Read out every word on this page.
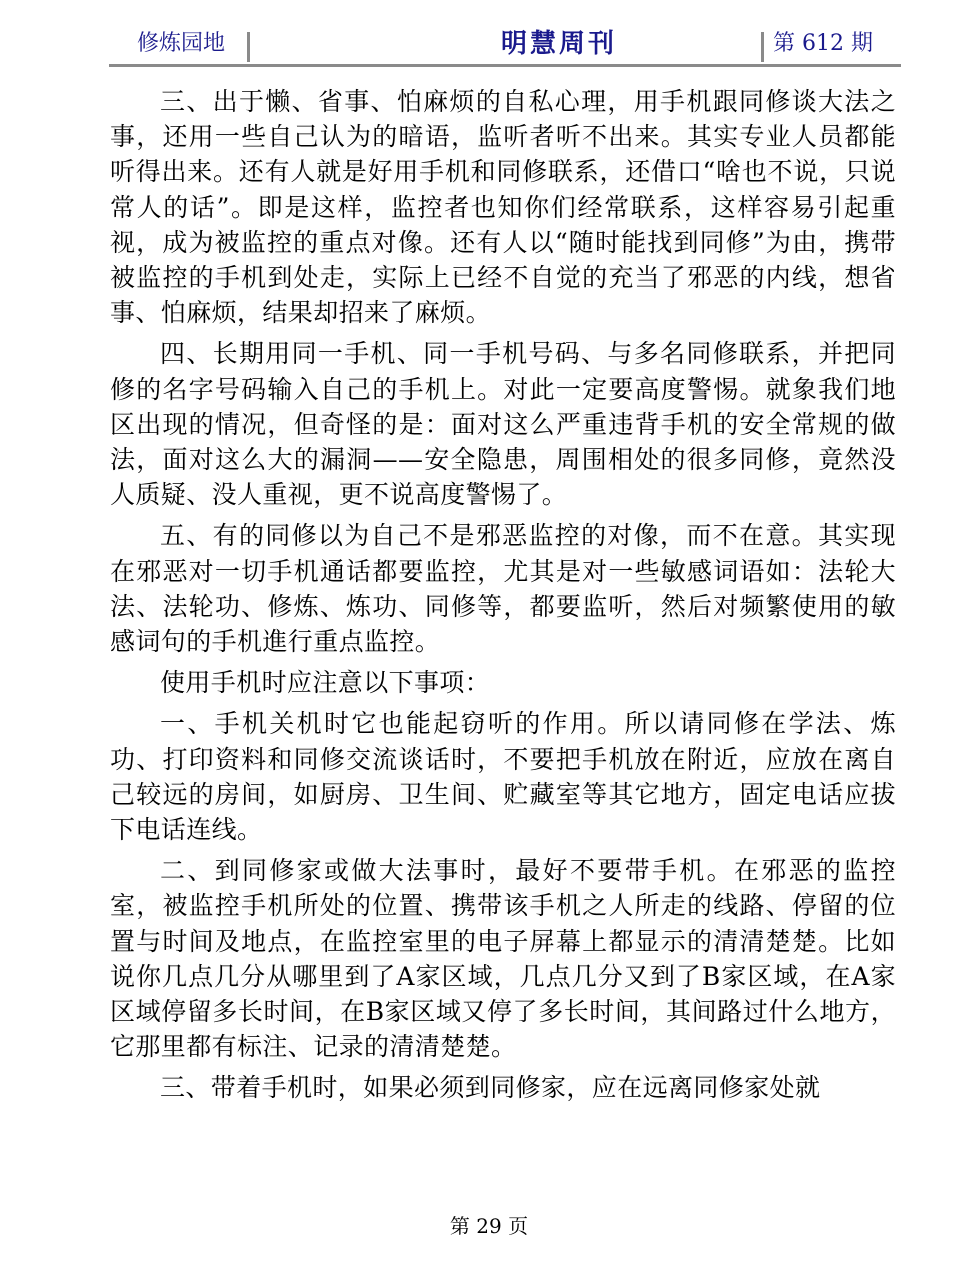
修炼园地	明慧周刊	第 612 期

三、出于懒、省事、怕麻烦的自私心理，用手机跟同修谈大法之事，还用一些自己认为的暗语，监听者听不出来。其实专业人员都能听得出来。还有人就是好用手机和同修联系，还借口“啥也不说，只说常人的话”。即是这样，监控者也知你们经常联系，这样容易引起重视，成为被监控的重点对像。还有人以“随时能找到同修”为由，携带被监控的手机到处走，实际上已经不自觉的充当了邪恶的内线，想省事、怕麻烦，结果却招来了麻烦。

四、长期用同一手机、同一手机号码、与多名同修联系，并把同修的名字号码输入自己的手机上。对此一定要高度警惕。就象我们地区出现的情况，但奇怪的是：面对这么严重违背手机的安全常规的做法，面对这么大的漏洞——安全隐患，周围相处的很多同修，竟然没人质疑、没人重视，更不说高度警惕了。

五、有的同修以为自己不是邪恶监控的对像，而不在意。其实现在邪恶对一切手机通话都要监控，尤其是对一些敏感词语如：法轮大法、法轮功、修炼、炼功、同修等，都要监听，然后对频繁使用的敏感词句的手机進行重点监控。

使用手机时应注意以下事项：

一、手机关机时它也能起窃听的作用。所以请同修在学法、炼功、打印资料和同修交流谈话时，不要把手机放在附近，应放在离自己较远的房间，如厨房、卫生间、贮藏室等其它地方，固定电话应拔下电话连线。

二、到同修家或做大法事时，最好不要带手机。在邪恶的监控室，被监控手机所处的位置、携带该手机之人所走的线路、停留的位置与时间及地点，在监控室里的电子屏幕上都显示的清清楚楚。比如说你几点几分从哪里到了A家区域，几点几分又到了B家区域，在A家区域停留多长时间，在B家区域又停了多长时间，其间路过什么地方，它那里都有标注、记录的清清楚楚。

三、带着手机时，如果必须到同修家，应在远离同修家处就

第 29 页
